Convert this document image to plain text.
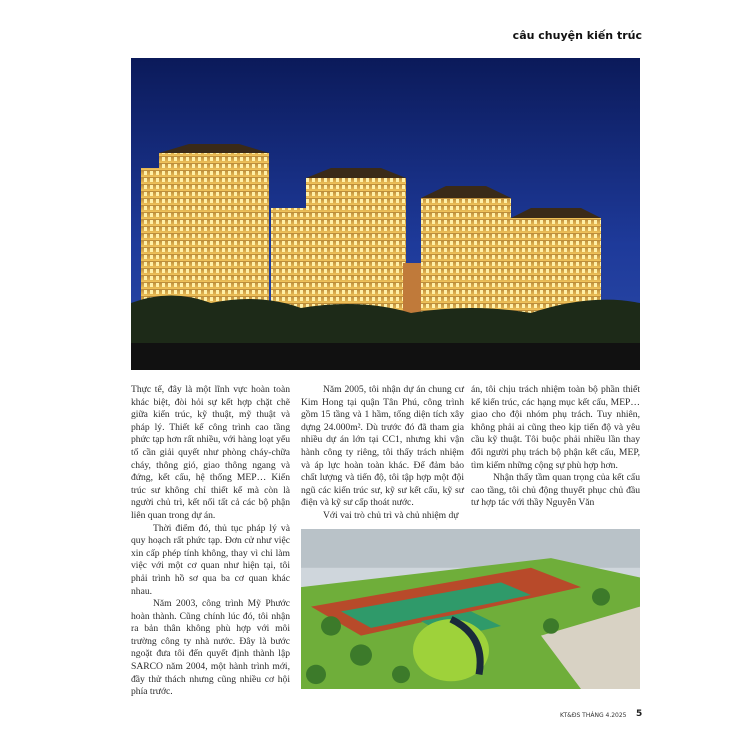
câu chuyện kiến trúc

Thực tế, đây là một lĩnh vực hoàn toàn khác biệt, đòi hỏi sự kết hợp chặt chẽ giữa kiến trúc, kỹ thuật, mỹ thuật và pháp lý. Thiết kế công trình cao tầng phức tạp hơn rất nhiều, với hàng loạt yếu tố cần giải quyết như phòng cháy-chữa cháy, thông gió, giao thông ngang và đứng, kết cấu, hệ thống MEP… Kiến trúc sư không chỉ thiết kế mà còn là người chủ trì, kết nối tất cả các bộ phận liên quan trong dự án.

Thời điểm đó, thủ tục pháp lý và quy hoạch rất phức tạp. Đơn cử như việc xin cấp phép tính không, thay vì chỉ làm việc với một cơ quan như hiện tại, tôi phải trình hồ sơ qua ba cơ quan khác nhau.

Năm 2003, công trình Mỹ Phước hoàn thành. Cũng chính lúc đó, tôi nhận ra bản thân không phù hợp với môi trường công ty nhà nước. Đây là bước ngoặt đưa tôi đến quyết định thành lập SARCO năm 2004, một hành trình mới, đầy thử thách nhưng cũng nhiều cơ hội phía trước.

Năm 2005, tôi nhận dự án chung cư Kim Hong tại quận Tân Phú, công trình gồm 15 tầng và 1 hầm, tổng diện tích xây dựng 24.000m². Dù trước đó đã tham gia nhiều dự án lớn tại CC1, nhưng khi vận hành công ty riêng, tôi thấy trách nhiệm và áp lực hoàn toàn khác. Để đảm bảo chất lượng và tiến độ, tôi tập hợp một đội ngũ các kiến trúc sư, kỹ sư kết cấu, kỹ sư điện và kỹ sư cấp thoát nước.

Với vai trò chủ trì và chủ nhiệm dự

án, tôi chịu trách nhiệm toàn bộ phần thiết kế kiến trúc, các hạng mục kết cấu, MEP… giao cho đội nhóm phụ trách. Tuy nhiên, không phải ai cũng theo kịp tiến độ và yêu cầu kỹ thuật. Tôi buộc phải nhiều lần thay đổi người phụ trách bộ phận kết cấu, MEP, tìm kiếm những cộng sự phù hợp hơn.

Nhận thấy tầm quan trọng của kết cấu cao tầng, tôi chủ động thuyết phục chủ đầu tư hợp tác với thầy Nguyễn Văn

KT&ĐS THÁNG 4.2025 5
